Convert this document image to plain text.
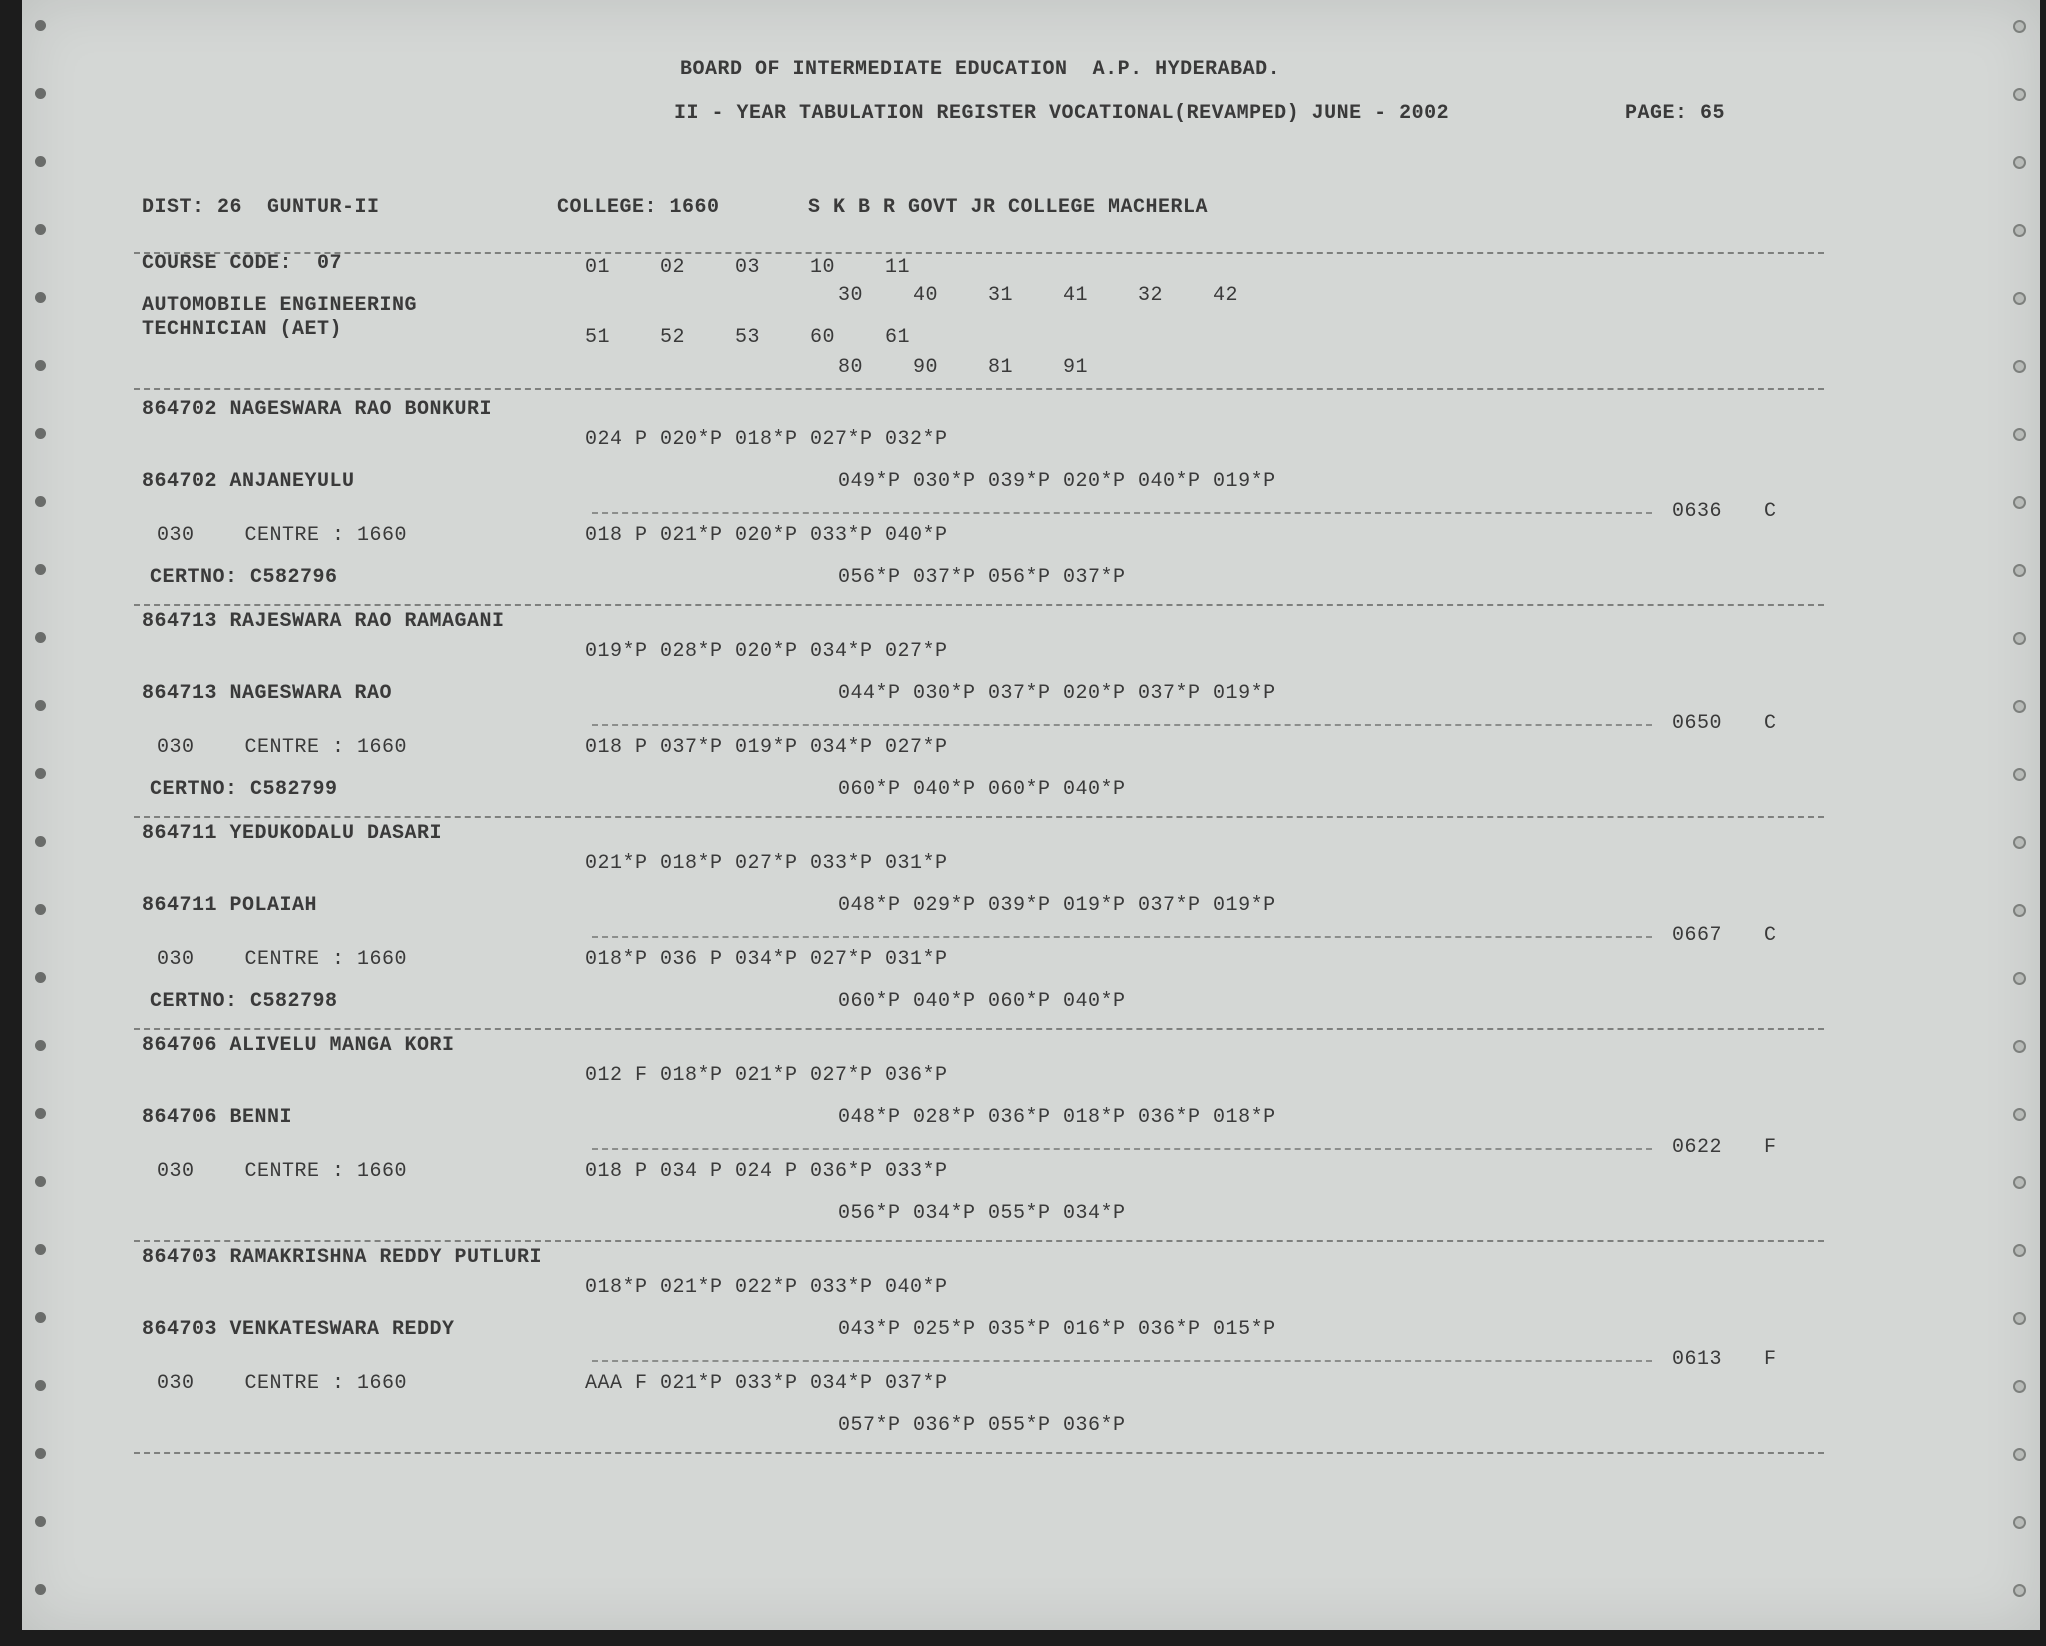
BOARD OF INTERMEDIATE EDUCATION  A.P. HYDERABAD.
II - YEAR TABULATION REGISTER VOCATIONAL(REVAMPED) JUNE - 2002	PAGE: 65
DIST: 26  GUNTUR-II	COLLEGE: 1660	S K B R GOVT JR COLLEGE MACHERLA
COURSE CODE:  07
AUTOMOBILE ENGINEERING
TECHNICIAN (AET)
01    02    03    10    11
30    40    31    41    32    42
51    52    53    60    61
80    90    81    91
864702 NAGESWARA RAO BONKURI
024 P 020*P 018*P 027*P 032*P
864702 ANJANEYULU	049*P 030*P 039*P 020*P 040*P 019*P
0636 C
030    CENTRE : 1660	018 P 021*P 020*P 033*P 040*P
CERTNO: C582796	056*P 037*P 056*P 037*P
864713 RAJESWARA RAO RAMAGANI
019*P 028*P 020*P 034*P 027*P
864713 NAGESWARA RAO	044*P 030*P 037*P 020*P 037*P 019*P
0650 C
030    CENTRE : 1660	018 P 037*P 019*P 034*P 027*P
CERTNO: C582799	060*P 040*P 060*P 040*P
864711 YEDUKODALU DASARI
021*P 018*P 027*P 033*P 031*P
864711 POLAIAH	048*P 029*P 039*P 019*P 037*P 019*P
0667 C
030    CENTRE : 1660	018*P 036 P 034*P 027*P 031*P
CERTNO: C582798	060*P 040*P 060*P 040*P
864706 ALIVELU MANGA KORI
012 F 018*P 021*P 027*P 036*P
864706 BENNI	048*P 028*P 036*P 018*P 036*P 018*P
0622 F
030    CENTRE : 1660	018 P 034 P 024 P 036*P 033*P
056*P 034*P 055*P 034*P
864703 RAMAKRISHNA REDDY PUTLURI
018*P 021*P 022*P 033*P 040*P
864703 VENKATESWARA REDDY	043*P 025*P 035*P 016*P 036*P 015*P
0613 F
030    CENTRE : 1660	AAA F 021*P 033*P 034*P 037*P
057*P 036*P 055*P 036*P
